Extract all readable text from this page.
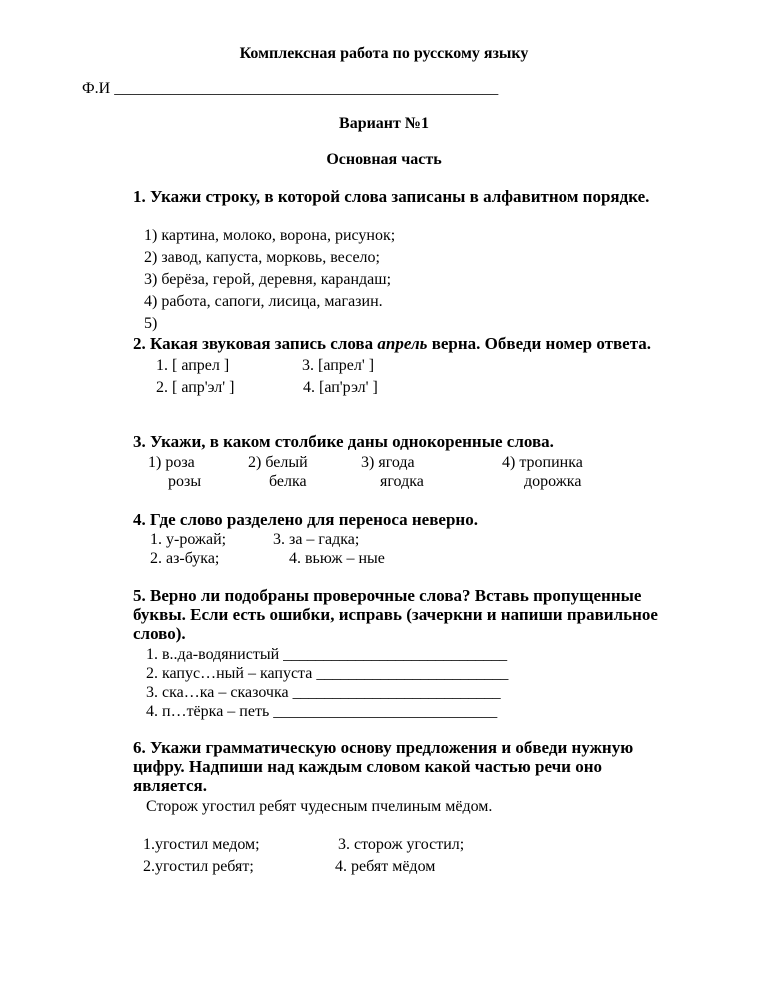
Комплексная работа по русскому языку
Ф.И ________________________________________________
Вариант №1
Основная часть
1. Укажи строку, в которой слова записаны в алфавитном порядке.
1) картина, молоко, ворона, рисунок;
2) завод, капуста, морковь, весело;
3) берёза, герой, деревня, карандаш;
4) работа, сапоги, лисица, магазин.
5)
2. Какая звуковая запись слова апрель верна. Обведи номер ответа.
1. [ апрел ]
2. [ апр'эл' ]
3. [апрел' ]
4. [ап'рэл' ]
3. Укажи, в каком столбике даны однокоренные слова.
1) роза
розы
2) белый
белка
3) ягода
ягодка
4) тропинка
дорожка
4. Где слово разделено для переноса неверно.
1. у-рожай;
2. аз-бука;
3. за – гадка;
4. вьюж – ные
5. Верно ли подобраны проверочные слова? Вставь пропущенные
буквы. Если есть ошибки, исправь (зачеркни и напиши правильное
слово).
1. в..да-водянистый ____________________________
2. капус…ный – капуста ________________________
3. ска…ка – сказочка __________________________
4. п…тёрка – петь ____________________________
6. Укажи грамматическую основу предложения и обведи нужную
цифру. Надпиши над каждым словом какой частью речи оно
является.
Сторож угостил ребят чудесным пчелиным мёдом.
1.угостил медом;
2.угостил ребят;
3. сторож угостил;
4. ребят мёдом
